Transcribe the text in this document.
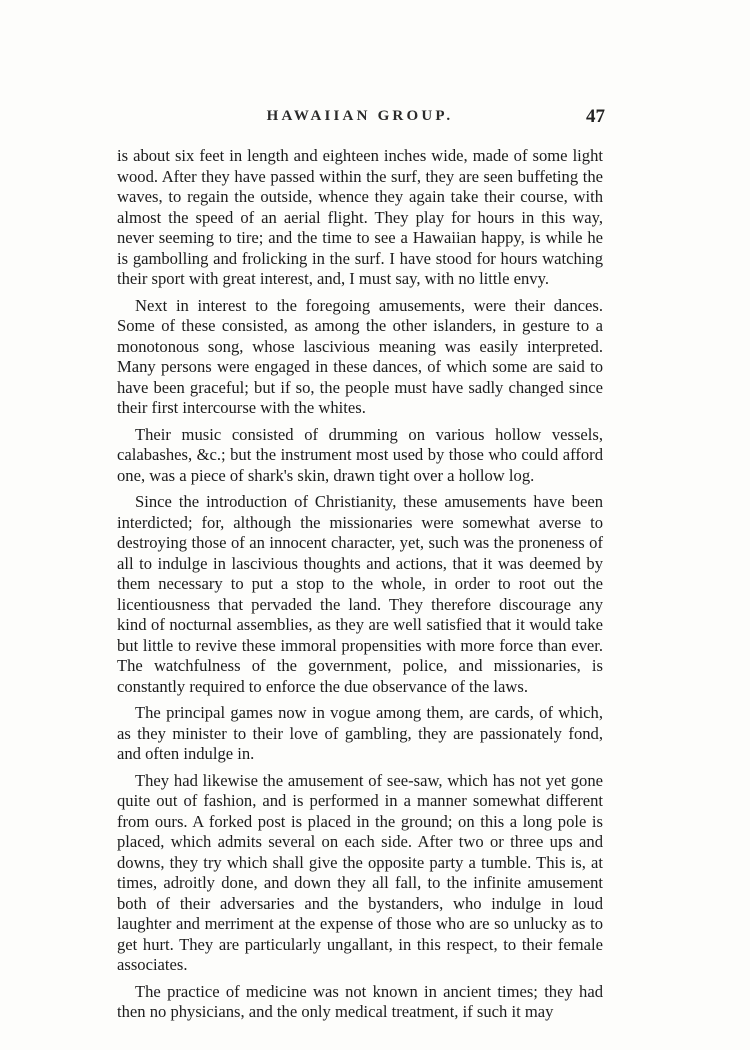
HAWAIIAN GROUP.	47

is about six feet in length and eighteen inches wide, made of some light wood. After they have passed within the surf, they are seen buffeting the waves, to regain the outside, whence they again take their course, with almost the speed of an aerial flight. They play for hours in this way, never seeming to tire; and the time to see a Hawaiian happy, is while he is gambolling and frolicking in the surf. I have stood for hours watching their sport with great interest, and, I must say, with no little envy.

Next in interest to the foregoing amusements, were their dances. Some of these consisted, as among the other islanders, in gesture to a monotonous song, whose lascivious meaning was easily interpreted. Many persons were engaged in these dances, of which some are said to have been graceful; but if so, the people must have sadly changed since their first intercourse with the whites.

Their music consisted of drumming on various hollow vessels, calabashes, &c.; but the instrument most used by those who could afford one, was a piece of shark's skin, drawn tight over a hollow log.

Since the introduction of Christianity, these amusements have been interdicted; for, although the missionaries were somewhat averse to destroying those of an innocent character, yet, such was the proneness of all to indulge in lascivious thoughts and actions, that it was deemed by them necessary to put a stop to the whole, in order to root out the licentiousness that pervaded the land. They therefore discourage any kind of nocturnal assemblies, as they are well satisfied that it would take but little to revive these immoral propensities with more force than ever. The watchfulness of the government, police, and missionaries, is constantly required to enforce the due observance of the laws.

The principal games now in vogue among them, are cards, of which, as they minister to their love of gambling, they are passionately fond, and often indulge in.

They had likewise the amusement of see-saw, which has not yet gone quite out of fashion, and is performed in a manner somewhat different from ours. A forked post is placed in the ground; on this a long pole is placed, which admits several on each side. After two or three ups and downs, they try which shall give the opposite party a tumble. This is, at times, adroitly done, and down they all fall, to the infinite amusement both of their adversaries and the bystanders, who indulge in loud laughter and merriment at the expense of those who are so unlucky as to get hurt. They are particularly ungallant, in this respect, to their female associates.

The practice of medicine was not known in ancient times; they had then no physicians, and the only medical treatment, if such it may
